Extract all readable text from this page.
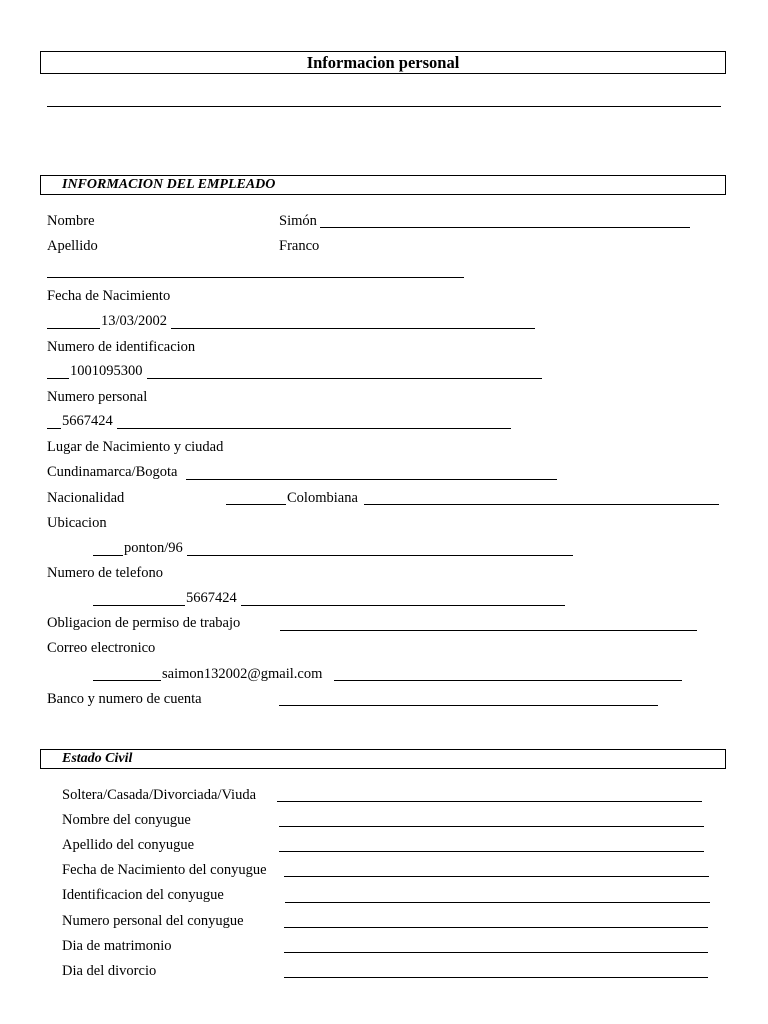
Informacion personal
INFORMACION DEL EMPLEADO
Nombre	Simón
Apellido	Franco
Fecha de Nacimiento
13/03/2002
Numero de identificacion
1001095300
Numero personal
5667424
Lugar de Nacimiento y ciudad
Cundinamarca/Bogota
Nacionalidad	Colombiana
Ubicacion
ponton/96
Numero de telefono
5667424
Obligacion de permiso de trabajo
Correo electronico
saimon132002@gmail.com
Banco y numero de cuenta
Estado Civil
Soltera/Casada/Divorciada/Viuda
Nombre del conyugue
Apellido del conyugue
Fecha de Nacimiento del conyugue
Identificacion del conyugue
Numero personal del conyugue
Dia de matrimonio
Dia del divorcio
